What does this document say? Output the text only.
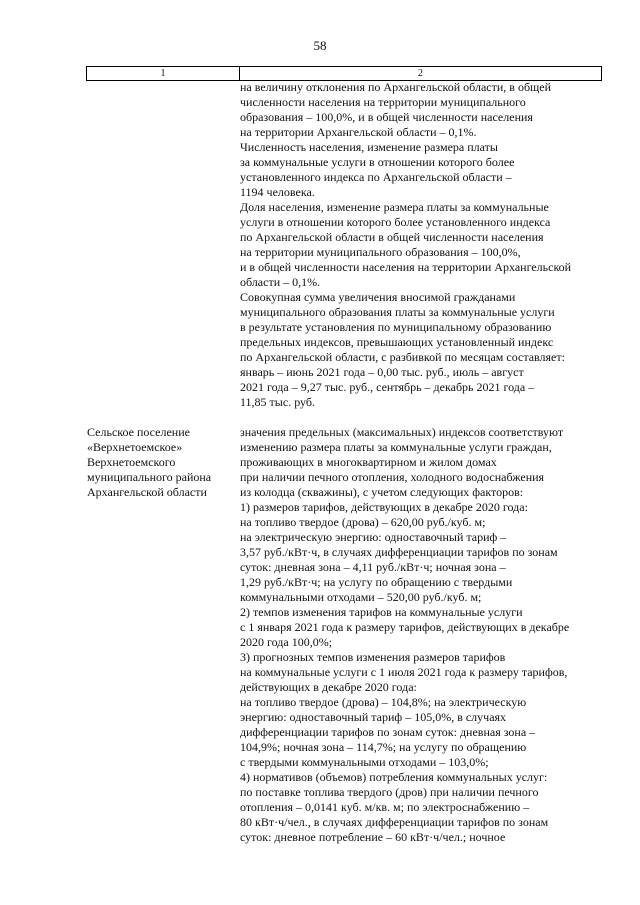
58
1	2
на величину отклонения по Архангельской области, в общей
численности населения на территории муниципального
образования – 100,0%, и в общей численности населения
на территории Архангельской области – 0,1%.
Численность населения, изменение размера платы
за коммунальные услуги в отношении которого более
установленного индекса по Архангельской области –
1194 человека.
Доля населения, изменение размера платы за коммунальные
услуги в отношении которого более установленного индекса
по Архангельской области в общей численности населения
на территории муниципального образования – 100,0%,
и в общей численности населения на территории Архангельской
области – 0,1%.
Совокупная сумма увеличения вносимой гражданами
муниципального образования платы за коммунальные услуги
в результате установления по муниципальному образованию
предельных индексов, превышающих установленный индекс
по Архангельской области, с разбивкой по месяцам составляет:
январь – июнь 2021 года – 0,00 тыс. руб., июль – август
2021 года – 9,27 тыс. руб., сентябрь – декабрь 2021 года –
11,85 тыс. руб.
Сельское поселение
«Верхнетоемское»
Верхнетоемского
муниципального района
Архангельской области
значения предельных (максимальных) индексов соответствуют
изменению размера платы за коммунальные услуги граждан,
проживающих в многоквартирном и жилом домах
при наличии печного отопления, холодного водоснабжения
из колодца (скважины), с учетом следующих факторов:
1) размеров тарифов, действующих в декабре 2020 года:
на топливо твердое (дрова) – 620,00 руб./куб. м;
на электрическую энергию: одноставочный тариф –
3,57 руб./кВт·ч, в случаях дифференциации тарифов по зонам
суток: дневная зона – 4,11 руб./кВт·ч; ночная зона –
1,29 руб./кВт·ч; на услугу по обращению с твердыми
коммунальными отходами – 520,00 руб./куб. м;
2) темпов изменения тарифов на коммунальные услуги
с 1 января 2021 года к размеру тарифов, действующих в декабре
2020 года 100,0%;
3) прогнозных темпов изменения размеров тарифов
на коммунальные услуги с 1 июля 2021 года к размеру тарифов,
действующих в декабре 2020 года:
на топливо твердое (дрова) – 104,8%; на электрическую
энергию: одноставочный тариф – 105,0%, в случаях
дифференциации тарифов по зонам суток: дневная зона –
104,9%; ночная зона – 114,7%; на услугу по обращению
с твердыми коммунальными отходами – 103,0%;
4) нормативов (объемов) потребления коммунальных услуг:
по поставке топлива твердого (дров) при наличии печного
отопления – 0,0141 куб. м/кв. м; по электроснабжению –
80 кВт·ч/чел., в случаях дифференциации тарифов по зонам
суток: дневное потребление – 60 кВт·ч/чел.; ночное
